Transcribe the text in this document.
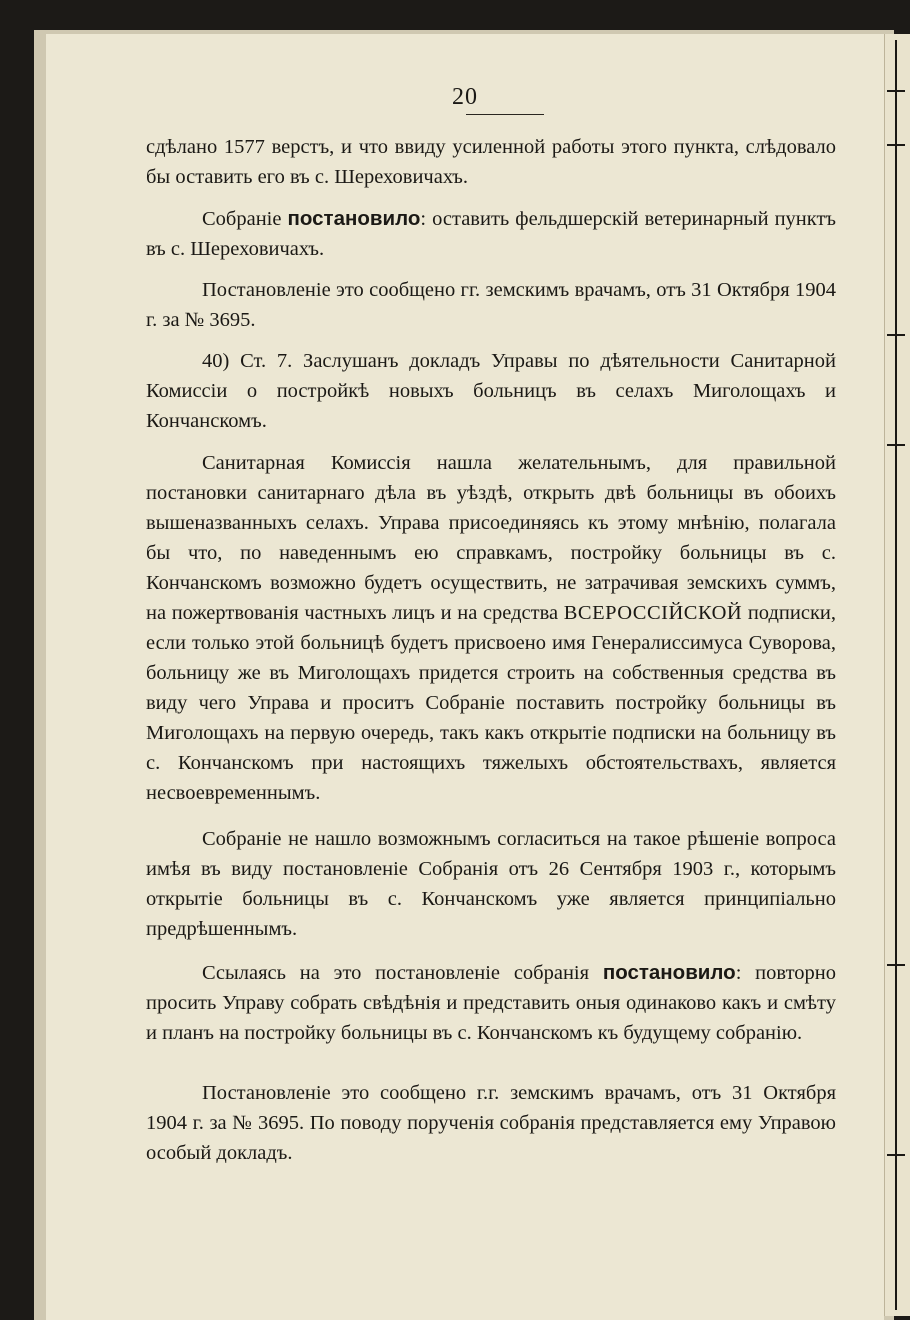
20

сдѣлано 1577 верстъ, и что ввиду усиленной работы этого пункта, слѣдовало бы оставить его въ с. Шереховичахъ.

Собраніе постановило: оставить фельдшерскій ветеринарный пунктъ въ с. Шереховичахъ.

Постановленіе это сообщено гг. земскимъ врачамъ, отъ 31 Октября 1904 г. за № 3695.

40) Ст. 7. Заслушанъ докладъ Управы по дѣятельности Санитарной Комиссіи о постройкѣ новыхъ больницъ въ селахъ Миголощахъ и Кончанскомъ.

Санитарная Комиссія нашла желательнымъ, для правильной постановки санитарнаго дѣла въ уѣздѣ, открыть двѣ больницы въ обоихъ вышеназванныхъ селахъ. Управа присоединяясь къ этому мнѣнію, полагала бы что, по наведеннымъ ею справкамъ, постройку больницы въ с. Кончанскомъ возможно будетъ осуществить, не затрачивая земскихъ суммъ, на пожертвованія частныхъ лицъ и на средства ВСЕРОССІЙСКОЙ подписки, если только этой больницѣ будетъ присвоено имя Генералиссимуса Суворова, больницу же въ Миголощахъ придется строить на собственныя средства въ виду чего Управа и проситъ Собраніе поставить постройку больницы въ Миголощахъ на первую очередь, такъ какъ открытіе подписки на больницу въ с. Кончанскомъ при настоящихъ тяжелыхъ обстоятельствахъ, является несвоевременнымъ.

Собраніе не нашло возможнымъ согласиться на такое рѣшеніе вопроса имѣя въ виду постановленіе Собранія отъ 26 Сентября 1903 г., которымъ открытіе больницы въ с. Кончанскомъ уже является принципіально предрѣшеннымъ.

Ссылаясь на это постановленіе собранія постановило: повторно просить Управу собрать свѣдѣнія и представить оныя одинаково какъ и смѣту и планъ на постройку больницы въ с. Кончанскомъ къ будущему собранію.

Постановленіе это сообщено г.г. земскимъ врачамъ, отъ 31 Октября 1904 г. за № 3695. По поводу порученія собранія представляется ему Управою особый докладъ.
